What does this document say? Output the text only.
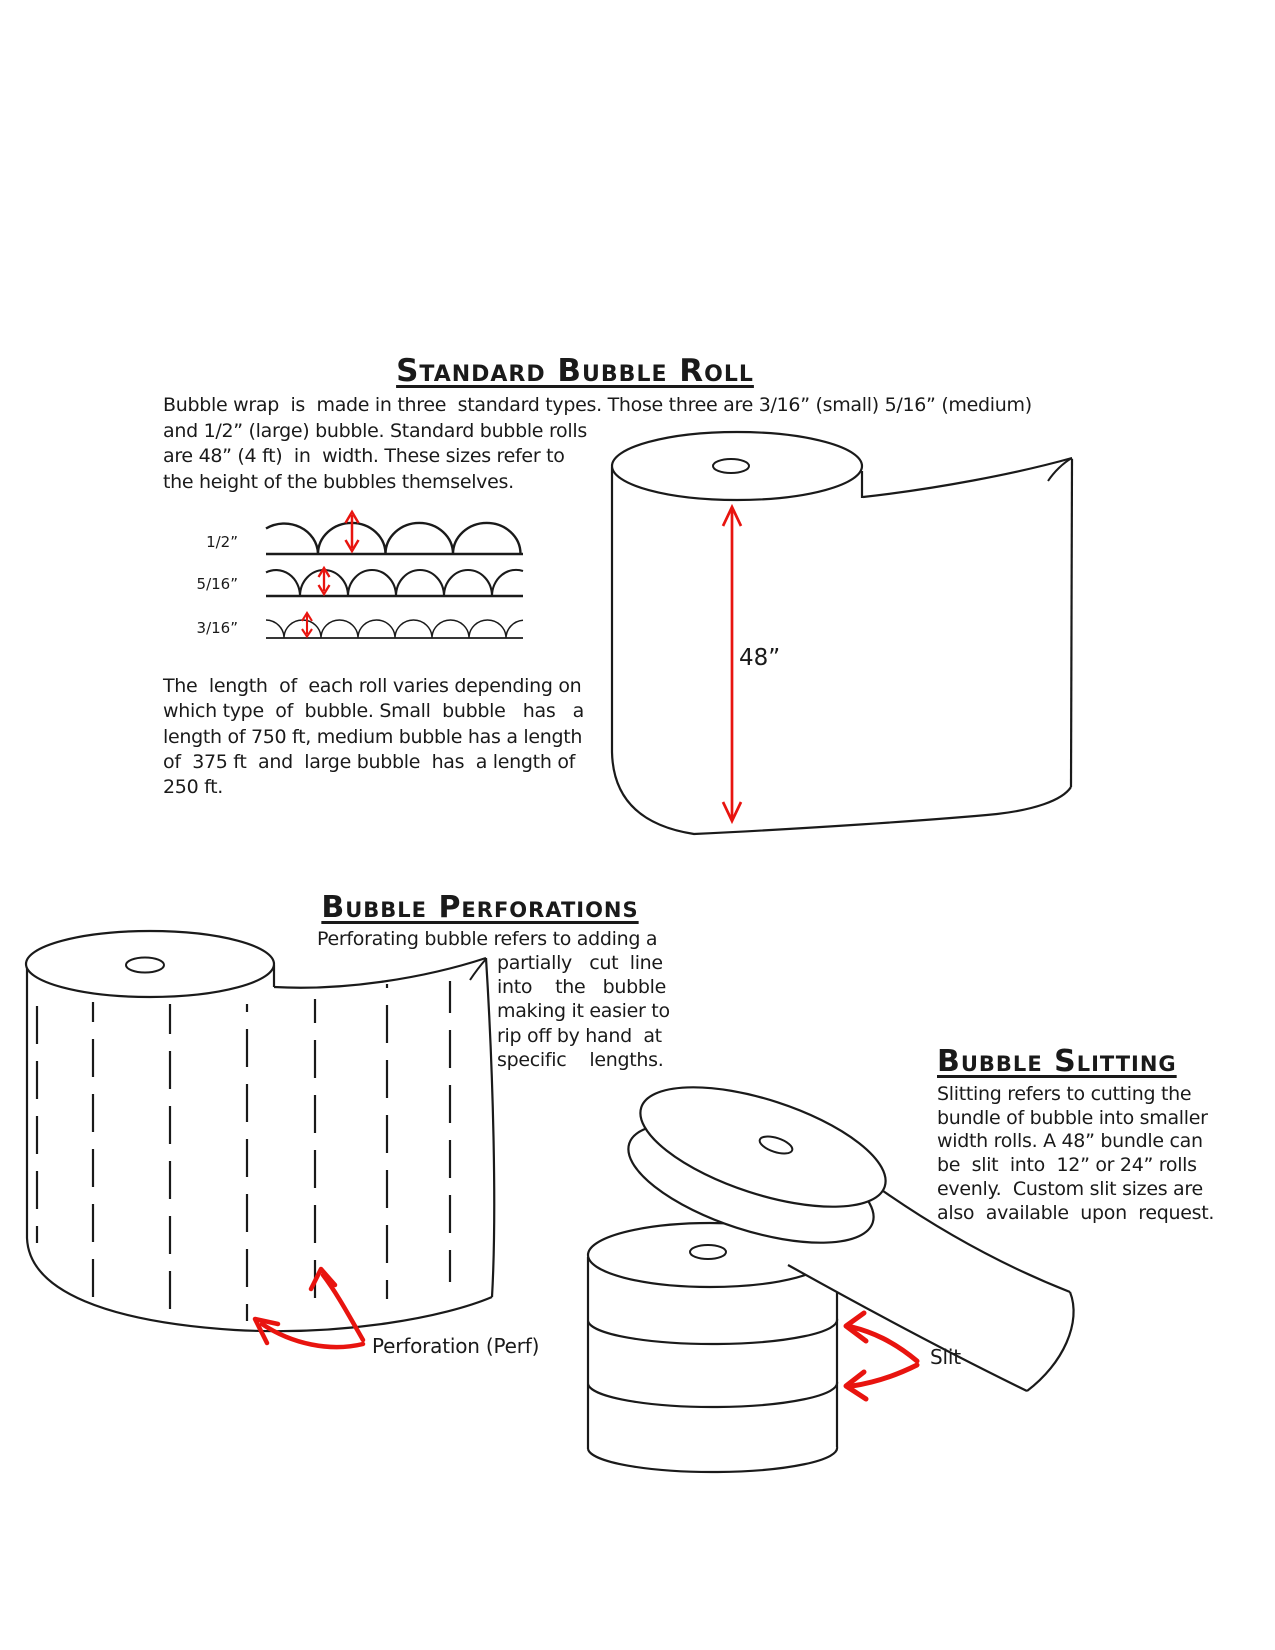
Standard Bubble Roll
Bubble wrap  is  made in three  standard types. Those three are 3/16” (small) 5/16” (medium)
and 1/2” (large) bubble. Standard bubble rolls
are 48” (4 ft)  in  width. These sizes refer to
the height of the bubbles themselves.
1/2”
5/16”
3/16”
The  length  of  each roll varies depending on
which type  of  bubble. Small  bubble   has   a
length of 750 ft, medium bubble has a length
of  375 ft  and  large bubble  has  a length of
250 ft.
48”
Bubble Perforations
Perforating bubble refers to adding a
partially   cut  line
into    the   bubble
making it easier to
rip off by hand  at
specific    lengths.
Perforation (Perf)
Bubble Slitting
Slitting refers to cutting the
bundle of bubble into smaller
width rolls. A 48” bundle can
be  slit  into  12” or 24” rolls
evenly.  Custom slit sizes are
also  available  upon  request.
Slit
